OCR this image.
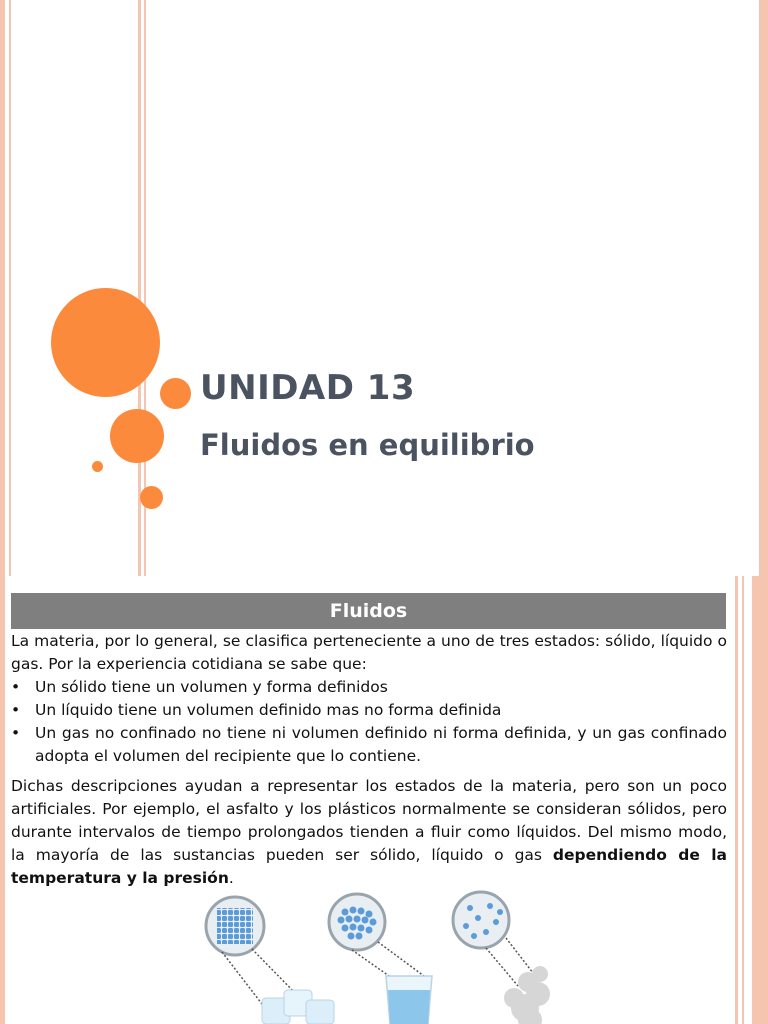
UNIDAD 13
Fluidos en equilibrio
Fluidos

La materia, por lo general, se clasifica perteneciente a uno de tres estados: sólido, líquido o gas. Por la experiencia cotidiana se sabe que:

• Un sólido tiene un volumen y forma definidos
• Un líquido tiene un volumen definido mas no forma definida
• Un gas no confinado no tiene ni volumen definido ni forma definida, y un gas confinado adopta el volumen del recipiente que lo contiene.

Dichas descripciones ayudan a representar los estados de la materia, pero son un poco artificiales. Por ejemplo, el asfalto y los plásticos normalmente se consideran sólidos, pero durante intervalos de tiempo prolongados tienden a fluir como líquidos. Del mismo modo, la mayoría de las sustancias pueden ser sólido, líquido o gas dependiendo de la temperatura y la presión.
